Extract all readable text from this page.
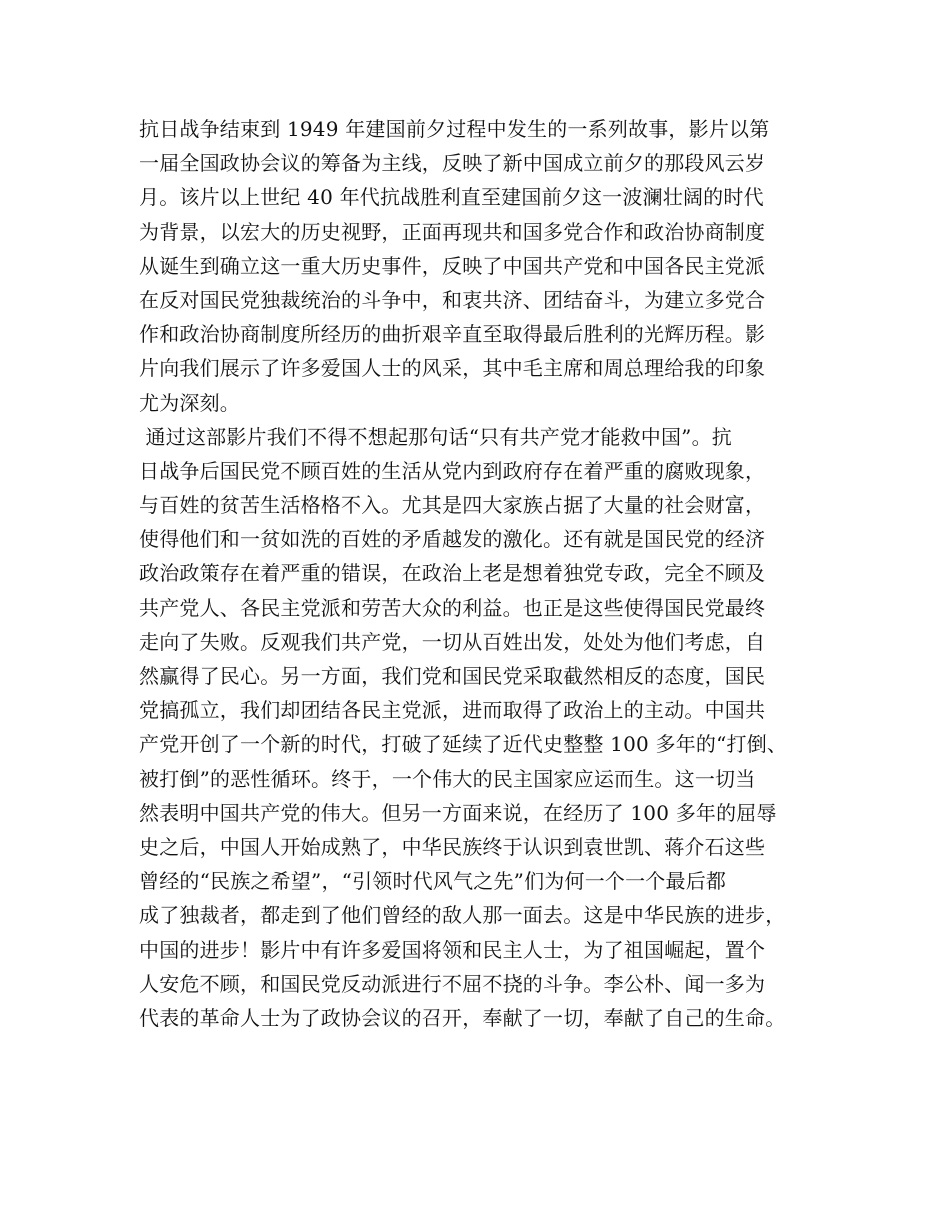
抗日战争结束到 1949 年建国前夕过程中发生的一系列故事，影片以第
一届全国政协会议的筹备为主线，反映了新中国成立前夕的那段风云岁
月。该片以上世纪 40 年代抗战胜利直至建国前夕这一波澜壮阔的时代
为背景，以宏大的历史视野，正面再现共和国多党合作和政治协商制度
从诞生到确立这一重大历史事件，反映了中国共产党和中国各民主党派
在反对国民党独裁统治的斗争中，和衷共济、团结奋斗，为建立多党合
作和政治协商制度所经历的曲折艰辛直至取得最后胜利的光辉历程。影
片向我们展示了许多爱国人士的风采，其中毛主席和周总理给我的印象
尤为深刻。
通过这部影片我们不得不想起那句话“只有共产党才能救中国”。抗
日战争后国民党不顾百姓的生活从党内到政府存在着严重的腐败现象，
与百姓的贫苦生活格格不入。尤其是四大家族占据了大量的社会财富，
使得他们和一贫如洗的百姓的矛盾越发的激化。还有就是国民党的经济
政治政策存在着严重的错误，在政治上老是想着独党专政，完全不顾及
共产党人、各民主党派和劳苦大众的利益。也正是这些使得国民党最终
走向了失败。反观我们共产党，一切从百姓出发，处处为他们考虑，自
然赢得了民心。另一方面，我们党和国民党采取截然相反的态度，国民
党搞孤立，我们却团结各民主党派，进而取得了政治上的主动。中国共
产党开创了一个新的时代，打破了延续了近代史整整 100 多年的“打倒、
被打倒”的恶性循环。终于，一个伟大的民主国家应运而生。这一切当
然表明中国共产党的伟大。但另一方面来说，在经历了 100 多年的屈辱
史之后，中国人开始成熟了，中华民族终于认识到袁世凯、蒋介石这些
曾经的“民族之希望”，“引领时代风气之先”们为何一个一个最后都
成了独裁者，都走到了他们曾经的敌人那一面去。这是中华民族的进步，
中国的进步！影片中有许多爱国将领和民主人士，为了祖国崛起，置个
人安危不顾，和国民党反动派进行不屈不挠的斗争。李公朴、闻一多为
代表的革命人士为了政协会议的召开，奉献了一切，奉献了自己的生命。
